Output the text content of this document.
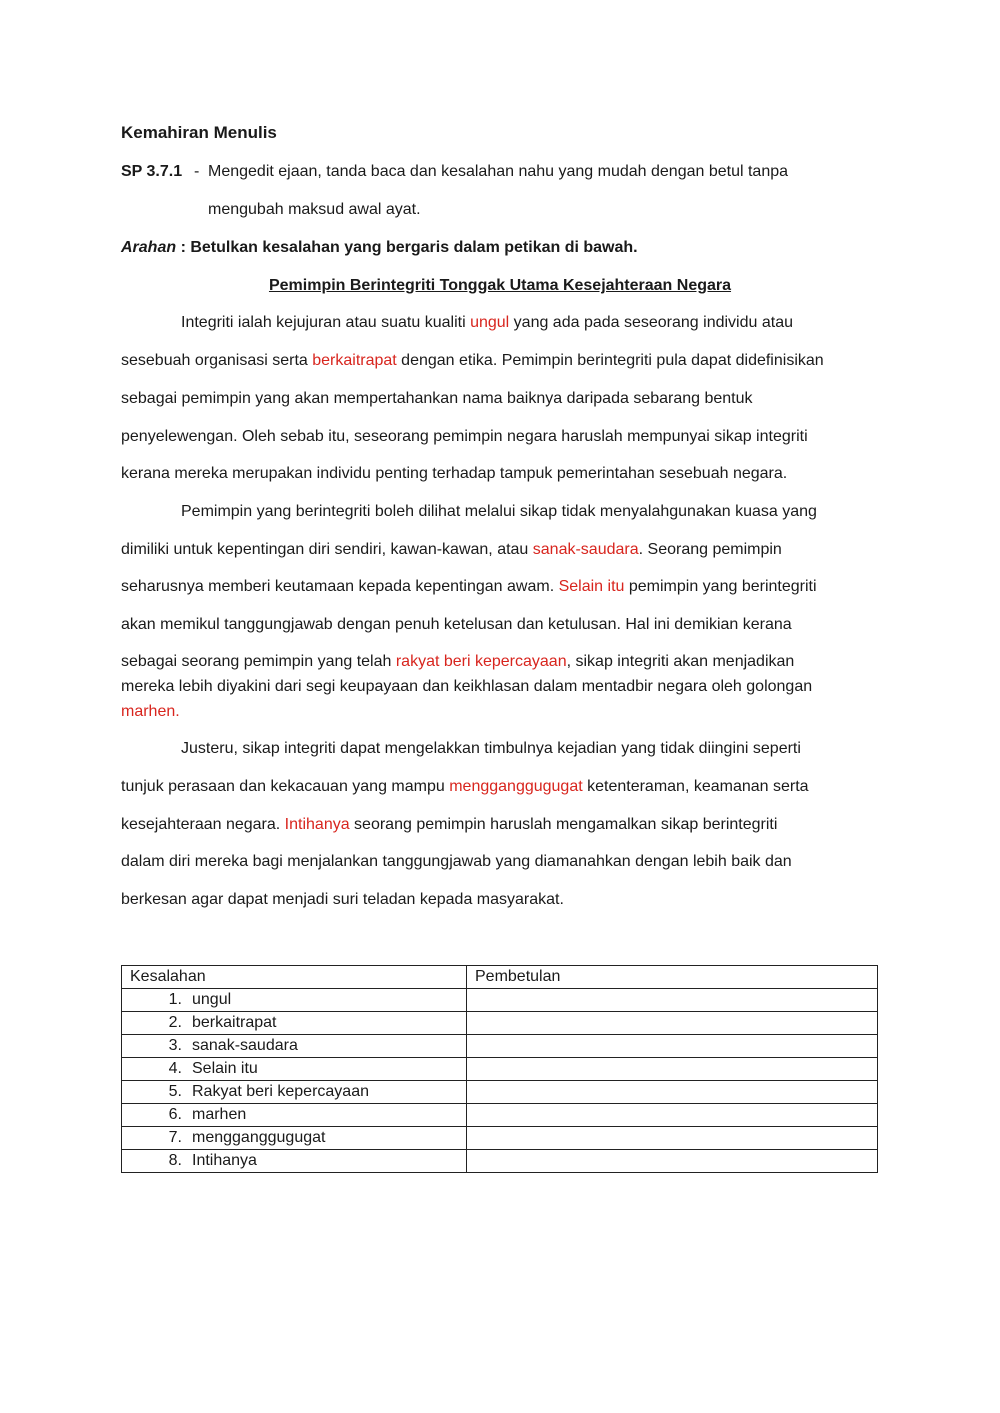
Kemahiran Menulis
SP 3.7.1 - Mengedit ejaan, tanda baca dan kesalahan nahu yang mudah dengan betul tanpa
mengubah maksud awal ayat.
Arahan : Betulkan kesalahan yang bergaris dalam petikan di bawah.
Pemimpin Berintegriti Tonggak Utama Kesejahteraan Negara
Integriti ialah kejujuran atau suatu kualiti ungul yang ada pada seseorang individu atau
sesebuah organisasi serta berkaitrapat dengan etika. Pemimpin berintegriti pula dapat didefinisikan
sebagai pemimpin yang akan mempertahankan nama baiknya daripada sebarang bentuk
penyelewengan. Oleh sebab itu, seseorang pemimpin negara haruslah mempunyai sikap integriti
kerana mereka merupakan individu penting terhadap tampuk pemerintahan sesebuah negara.
Pemimpin yang berintegriti boleh dilihat melalui sikap tidak menyalahgunakan kuasa yang
dimiliki untuk kepentingan diri sendiri, kawan-kawan, atau sanak-saudara. Seorang pemimpin
seharusnya memberi keutamaan kepada kepentingan awam. Selain itu pemimpin yang berintegriti
akan memikul tanggungjawab dengan penuh ketelusan dan ketulusan. Hal ini demikian kerana
sebagai seorang pemimpin yang telah rakyat beri kepercayaan, sikap integriti akan menjadikan
mereka lebih diyakini dari segi keupayaan dan keikhlasan dalam mentadbir negara oleh golongan
marhen.
Justeru, sikap integriti dapat mengelakkan timbulnya kejadian yang tidak diingini seperti
tunjuk perasaan dan kekacauan yang mampu mengganggugugat ketenteraman, keamanan serta
kesejahteraan negara. Intihanya seorang pemimpin haruslah mengamalkan sikap berintegriti
dalam diri mereka bagi menjalankan tanggungjawab yang diamanahkan dengan lebih baik dan
berkesan agar dapat menjadi suri teladan kepada masyarakat.
Kesalahan	Pembetulan
1. ungul	
2. berkaitrapat	
3. sanak-saudara	
4. Selain itu	
5. Rakyat beri kepercayaan	
6. marhen	
7. mengganggugugat	
8. Intihanya	
